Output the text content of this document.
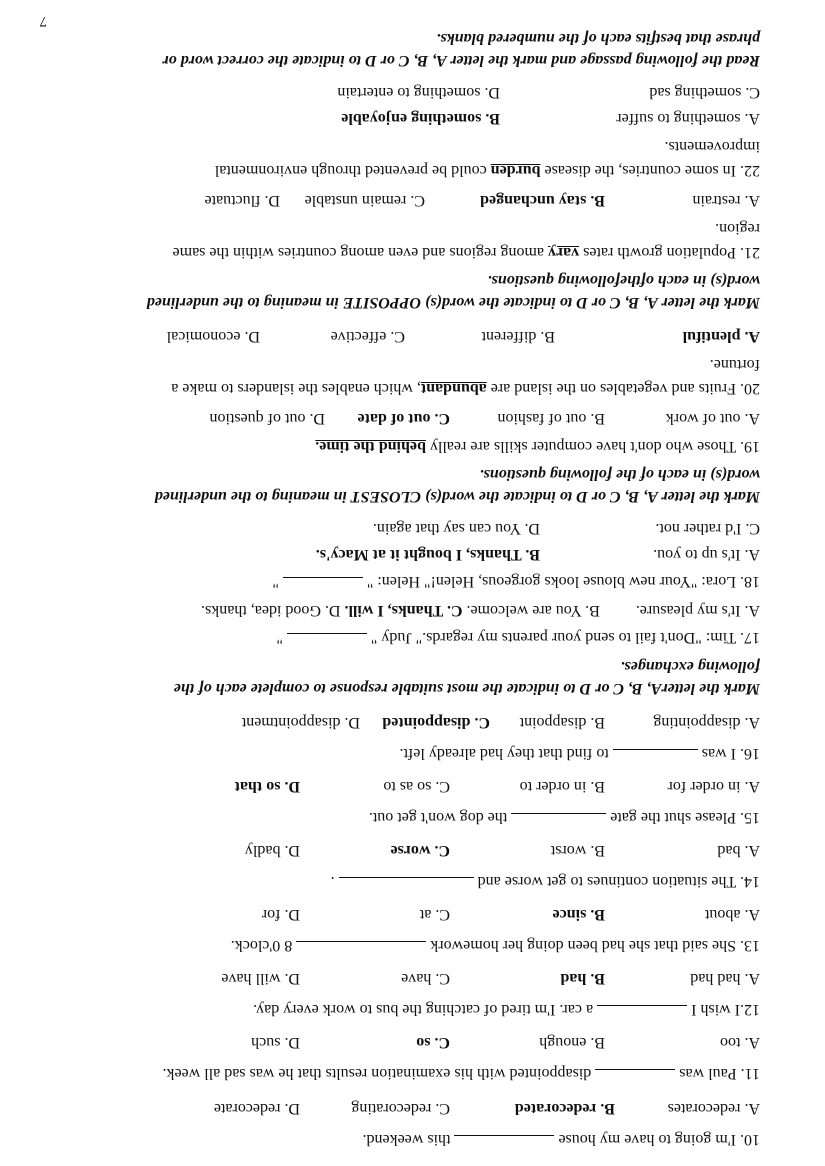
10. I'm going to have my house  this weekend.
A. redecorates
B. redecorated
C. redecorating
D. redecorate
11. Paul was  disappointed with his examination results that he was sad all week.
A. too
B. enough
C. so
D. such
12.I wish I  a car. I'm tired of catching the bus to work every day.
A. had had
B. had
C. have
D. will have
13. She said that she had been doing her homework  8 0'clock.
A. about
B. since
C. at
D. for
14. The situation continues to get worse and  .
A. bad
B. worst
C. worse
D. badly
15. Please shut the gate  the dog won't get out.
A. in order for
B. in order to
C. so as to
D. so that
16. I was  to find that they had already left.
A. disappointing
B. disappoint
C. disappointed
D. disappointment
Mark the letterA, B, C or D to indicate the most suitable response to complete each of the
following exchanges.
17. Tim: "Don't fail to send your parents my regards." Judy "  "
A. It's my pleasure.         B. You are welcome. C. Thanks, I will. D. Good idea, thanks.
18. Lora: "Your new blouse looks gorgeous, Helen!" Helen: "  "
A. It's up to you.
B. Thanks, I bought it at Macy's.
C. I'd rather not.
D. You can say that again.
Mark the letter A, B, C or D to indicate the word(s) CLOSEST in meaning to the underlined
word(s) in each of the following questions.
19. Those who don't have computer skills are really behind the time.
A. out of work
B. out of fashion
C. out of date
D. out of question
20. Fruits and vegetables on the island are abundant, which enables the islanders to make a
fortune.
A. plentiful
B. different
C. effective
D. economical
Mark the letter A, B, C or D to indicate the word(s) OPPOSITE in meaning to the underlined
word(s) in each ofthefollowing questions.
21. Population growth rates vary among regions and even among countries within the same
region.
A. restrain
B. stay unchanged
C. remain unstable
D. fluctuate
22. In some countries, the disease burden could be prevented through environmental
improvements.
A. something to suffer
B. something enjoyable
C. something sad
D. something to entertain
Read the following passage and mark the letter A, B, C or D to indicate the correct word or
phrase that bestfits each of the numbered blanks.
7
